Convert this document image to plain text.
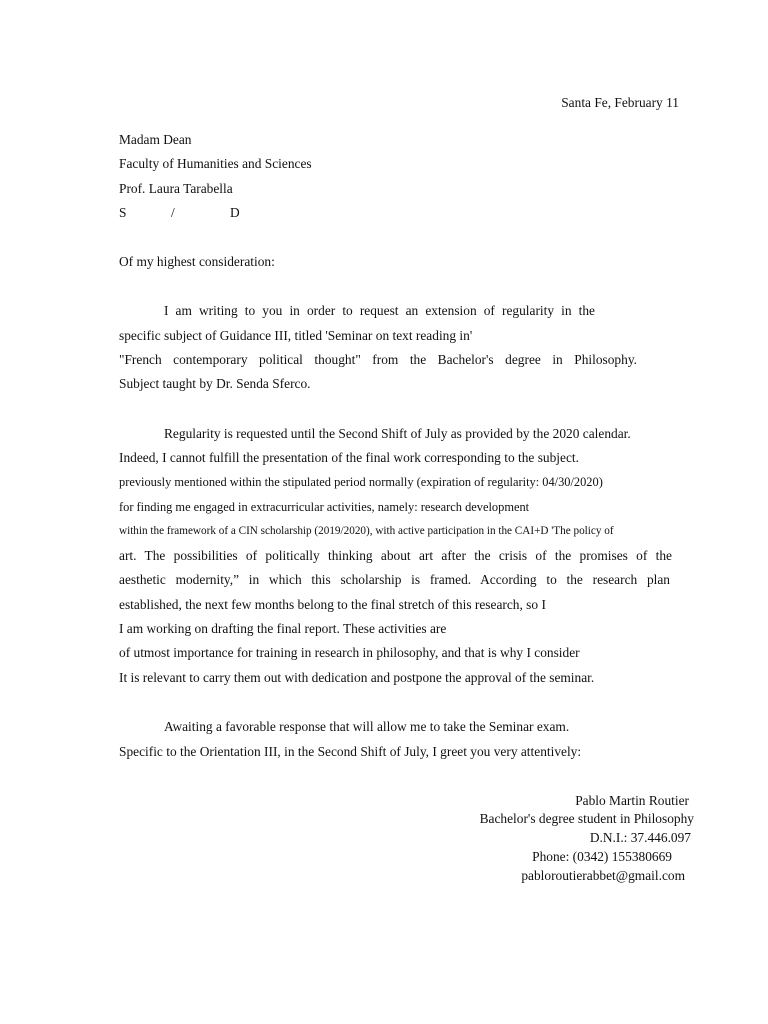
Santa Fe, February 11
Madam Dean
Faculty of Humanities and Sciences
Prof. Laura Tarabella
S	/	D
Of my highest consideration:
I am writing to you in order to request an extension of regularity in the
specific subject of Guidance III, titled 'Seminar on text reading in'
"French contemporary political thought" from the Bachelor's degree in Philosophy.
Subject taught by Dr. Senda Sferco.
Regularity is requested until the Second Shift of July as provided by the 2020 calendar.
Indeed, I cannot fulfill the presentation of the final work corresponding to the subject.
previously mentioned within the stipulated period normally (expiration of regularity: 04/30/2020)
for finding me engaged in extracurricular activities, namely: research development
within the framework of a CIN scholarship (2019/2020), with active participation in the CAI+D 'The policy of
art. The possibilities of politically thinking about art after the crisis of the promises of the
aesthetic modernity,” in which this scholarship is framed. According to the research plan
established, the next few months belong to the final stretch of this research, so I
I am working on drafting the final report. These activities are
of utmost importance for training in research in philosophy, and that is why I consider
It is relevant to carry them out with dedication and postpone the approval of the seminar.
Awaiting a favorable response that will allow me to take the Seminar exam.
Specific to the Orientation III, in the Second Shift of July, I greet you very attentively:
Pablo Martin Routier
Bachelor's degree student in Philosophy
D.N.I.: 37.446.097
Phone: (0342) 155380669
pabloroutierabbet@gmail.com
